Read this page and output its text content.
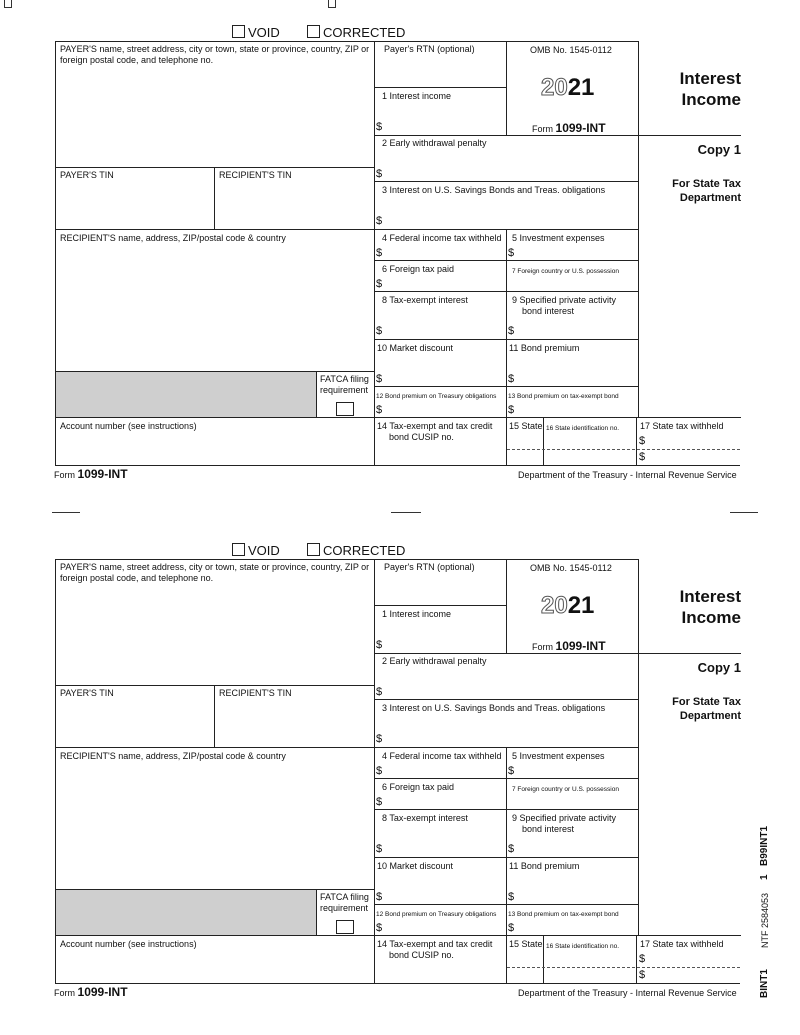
VOID	CORRECTED
PAYER'S name, street address, city or town, state or province, country, ZIP or foreign postal code, and telephone no.
PAYER'S TIN	RECIPIENT'S TIN
RECIPIENT'S name, address, ZIP/postal code & country
FATCA filing
requirement
Account number (see instructions)
Payer's RTN (optional)	OMB No. 1545-0112
2021
Form 1099-INT
1 Interest income
$
2 Early withdrawal penalty
$
3 Interest on U.S. Savings Bonds and Treas. obligations
$
4 Federal income tax withheld
$
5 Investment expenses
$
6 Foreign tax paid
$
7 Foreign country or U.S. possession
8 Tax-exempt interest
$
9 Specified private activity
bond interest
$
10 Market discount
$
11 Bond premium
$
12 Bond premium on Treasury obligations
$
13 Bond premium on tax-exempt bond
$
14 Tax-exempt and tax credit
bond CUSIP no.
15 State 16 State identification no. 17 State tax withheld
$
$
Interest
Income
Copy 1
For State Tax
Department
Form 1099-INT	Department of the Treasury - Internal Revenue Service
VOID	CORRECTED
PAYER'S name, street address, city or town, state or province, country, ZIP or foreign postal code, and telephone no.
PAYER'S TIN	RECIPIENT'S TIN
RECIPIENT'S name, address, ZIP/postal code & country
FATCA filing
requirement
Account number (see instructions)
Payer's RTN (optional)	OMB No. 1545-0112
2021
Form 1099-INT
1 Interest income
$
2 Early withdrawal penalty
$
3 Interest on U.S. Savings Bonds and Treas. obligations
$
4 Federal income tax withheld
$
5 Investment expenses
$
6 Foreign tax paid
$
7 Foreign country or U.S. possession
8 Tax-exempt interest
$
9 Specified private activity
bond interest
$
10 Market discount
$
11 Bond premium
$
12 Bond premium on Treasury obligations
$
13 Bond premium on tax-exempt bond
$
14 Tax-exempt and tax credit
bond CUSIP no.
15 State 16 State identification no. 17 State tax withheld
$
$
Interest
Income
Copy 1
For State Tax
Department
Form 1099-INT	Department of the Treasury - Internal Revenue Service
B99INT1
1
NTF 2584053
BINT1
